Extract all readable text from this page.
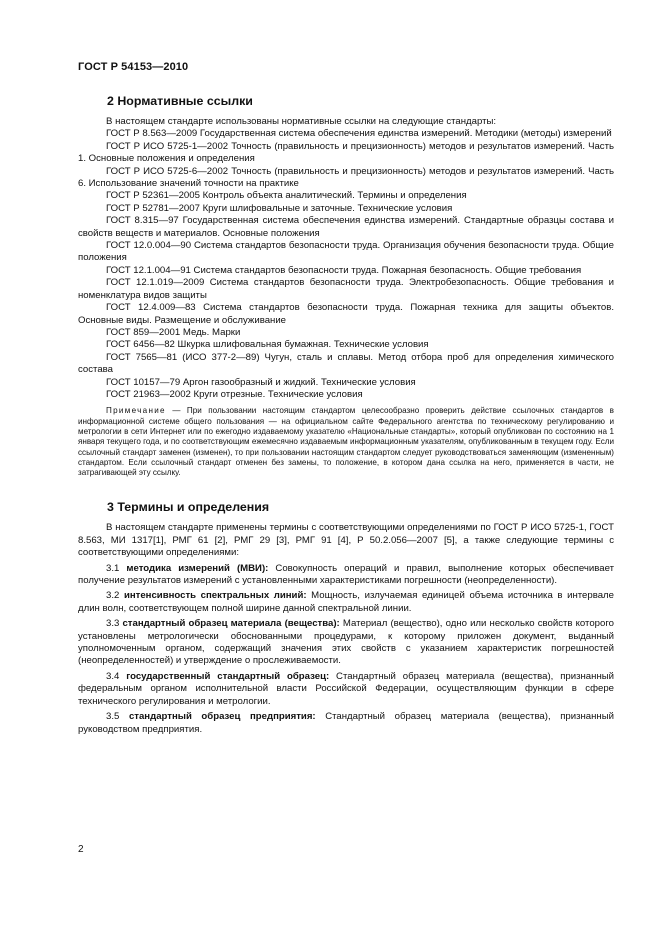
ГОСТ Р 54153—2010
2 Нормативные ссылки

В настоящем стандарте использованы нормативные ссылки на следующие стандарты:

ГОСТ Р 8.563—2009 Государственная система обеспечения единства измерений. Методики (методы) измерений

ГОСТ Р ИСО 5725-1—2002 Точность (правильность и прецизионность) методов и результатов измерений. Часть 1. Основные положения и определения

ГОСТ Р ИСО 5725-6—2002 Точность (правильность и прецизионность) методов и результатов измерений. Часть 6. Использование значений точности на практике

ГОСТ Р 52361—2005 Контроль объекта аналитический. Термины и определения

ГОСТ Р 52781—2007 Круги шлифовальные и заточные. Технические условия

ГОСТ 8.315—97 Государственная система обеспечения единства измерений. Стандартные образцы состава и свойств веществ и материалов. Основные положения

ГОСТ 12.0.004—90 Система стандартов безопасности труда. Организация обучения безопасности труда. Общие положения

ГОСТ 12.1.004—91 Система стандартов безопасности труда. Пожарная безопасность. Общие требования

ГОСТ 12.1.019—2009 Система стандартов безопасности труда. Электробезопасность. Общие требования и номенклатура видов защиты

ГОСТ 12.4.009—83 Система стандартов безопасности труда. Пожарная техника для защиты объектов. Основные виды. Размещение и обслуживание

ГОСТ 859—2001 Медь. Марки

ГОСТ 6456—82 Шкурка шлифовальная бумажная. Технические условия

ГОСТ 7565—81 (ИСО 377-2—89) Чугун, сталь и сплавы. Метод отбора проб для определения химического состава

ГОСТ 10157—79 Аргон газообразный и жидкий. Технические условия

ГОСТ 21963—2002 Круги отрезные. Технические условия

Примечание — При пользовании настоящим стандартом целесообразно проверить действие ссылочных стандартов в информационной системе общего пользования — на официальном сайте Федерального агентства по техническому регулированию и метрологии в сети Интернет или по ежегодно издаваемому указателю «Национальные стандарты», который опубликован по состоянию на 1 января текущего года, и по соответствующим ежемесячно издаваемым информационным указателям, опубликованным в текущем году. Если ссылочный стандарт заменен (изменен), то при пользовании настоящим стандартом следует руководствоваться заменяющим (измененным) стандартом. Если ссылочный стандарт отменен без замены, то положение, в котором дана ссылка на него, применяется в части, не затрагивающей эту ссылку.

3 Термины и определения

В настоящем стандарте применены термины с соответствующими определениями по ГОСТ Р ИСО 5725-1, ГОСТ 8.563, МИ 1317[1], РМГ 61 [2], РМГ 29 [3], РМГ 91 [4], Р 50.2.056—2007 [5], а также следующие термины с соответствующими определениями:

3.1 методика измерений (МВИ): Совокупность операций и правил, выполнение которых обеспечивает получение результатов измерений с установленными характеристиками погрешности (неопределенности).

3.2 интенсивность спектральных линий: Мощность, излучаемая единицей объема источника в интервале длин волн, соответствующем полной ширине данной спектральной линии.

3.3 стандартный образец материала (вещества): Материал (вещество), одно или несколько свойств которого установлены метрологически обоснованными процедурами, к которому приложен документ, выданный уполномоченным органом, содержащий значения этих свойств с указанием характеристик погрешностей (неопределенностей) и утверждение о прослеживаемости.

3.4 государственный стандартный образец: Стандартный образец материала (вещества), признанный федеральным органом исполнительной власти Российской Федерации, осуществляющим функции в сфере технического регулирования и метрологии.

3.5 стандартный образец предприятия: Стандартный образец материала (вещества), признанный руководством предприятия.

2
